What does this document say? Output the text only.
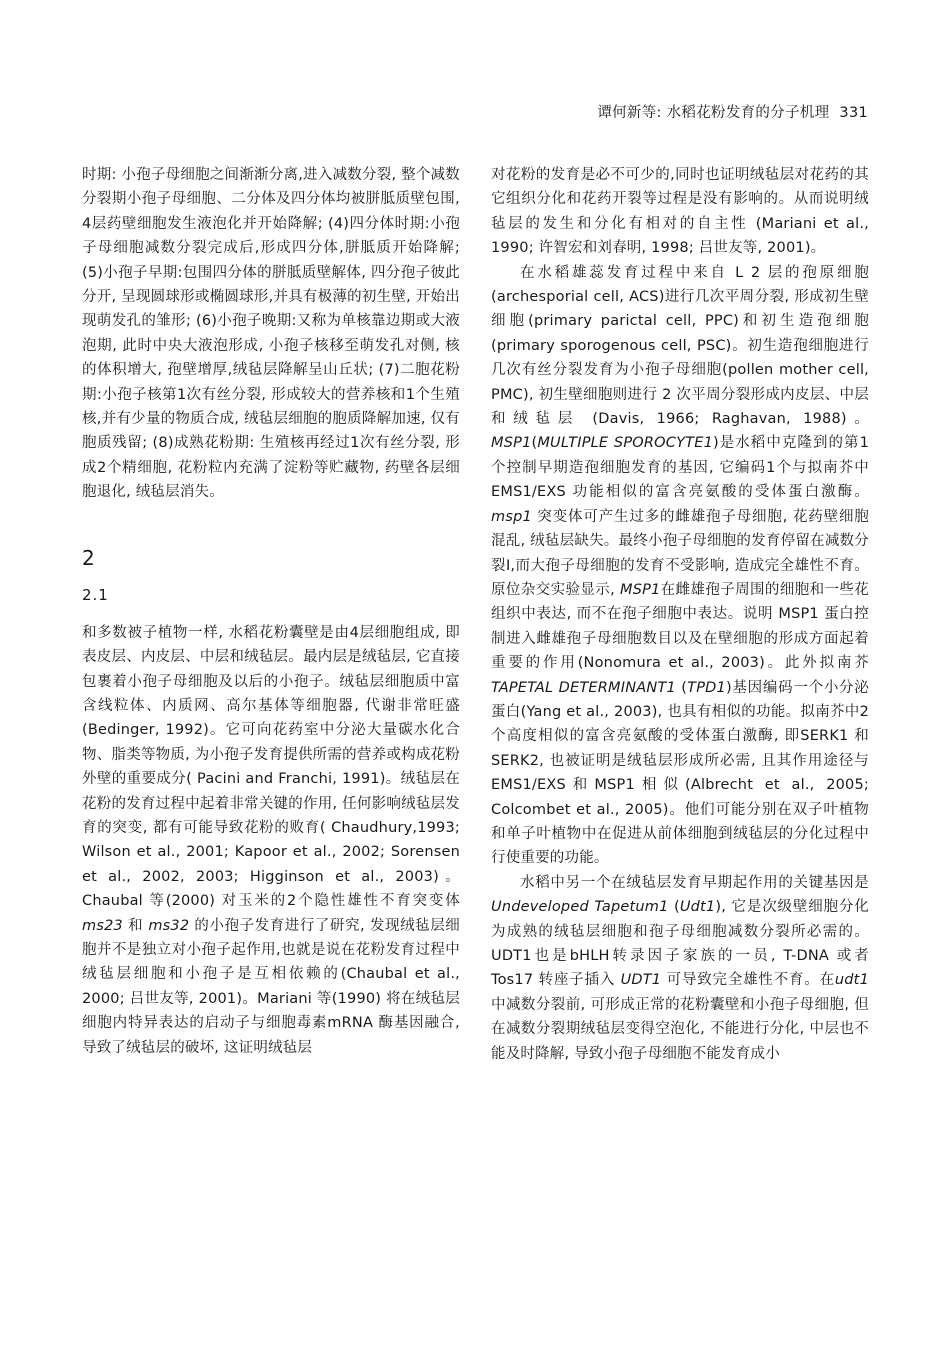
谭何新等: 水稻花粉发育的分子机理 331

时期: 小孢子母细胞之间渐渐分离,进入减数分裂, 整个减数分裂期小孢子母细胞、二分体及四分体均被胼胝质壁包围, 4层药壁细胞发生液泡化并开始降解; (4)四分体时期:小孢子母细胞减数分裂完成后,形成四分体,胼胝质开始降解; (5)小孢子早期:包围四分体的胼胝质壁解体, 四分孢子彼此分开, 呈现圆球形或椭圆球形,并具有极薄的初生壁, 开始出现萌发孔的雏形; (6)小孢子晚期:又称为单核靠边期或大液泡期, 此时中央大液泡形成, 小孢子核移至萌发孔对侧, 核的体积增大, 孢壁增厚,绒毡层降解呈山丘状; (7)二胞花粉期:小孢子核第1次有丝分裂, 形成较大的营养核和1个生殖核,并有少量的物质合成, 绒毡层细胞的胞质降解加速, 仅有胞质残留; (8)成熟花粉期: 生殖核再经过1次有丝分裂, 形成2个精细胞, 花粉粒内充满了淀粉等贮藏物, 药壁各层细胞退化, 绒毡层消失。

2
2.1

和多数被子植物一样, 水稻花粉囊壁是由4层细胞组成, 即表皮层、内皮层、中层和绒毡层。最内层是绒毡层, 它直接包裹着小孢子母细胞及以后的小孢子。绒毡层细胞质中富含线粒体、内质网、高尔基体等细胞器, 代谢非常旺盛(Bedinger, 1992)。它可向花药室中分泌大量碳水化合物、脂类等物质, 为小孢子发育提供所需的营养或构成花粉外壁的重要成分( Pacini and Franchi, 1991)。绒毡层在花粉的发育过程中起着非常关键的作用, 任何影响绒毡层发育的突变, 都有可能导致花粉的败育( Chaudhury,1993; Wilson et al., 2001; Kapoor et al., 2002; Sorensen et al., 2002, 2003; Higginson et al., 2003)。Chaubal 等(2000) 对玉米的2个隐性雄性不育突变体 ms23 和 ms32 的小孢子发育进行了研究, 发现绒毡层细胞并不是独立对小孢子起作用,也就是说在花粉发育过程中绒毡层细胞和小孢子是互相依赖的(Chaubal et al., 2000; 吕世友等, 2001)。Mariani 等(1990) 将在绒毡层细胞内特异表达的启动子与细胞毒素mRNA 酶基因融合,导致了绒毡层的破坏, 这证明绒毡层

对花粉的发育是必不可少的,同时也证明绒毡层对花药的其它组织分化和花药开裂等过程是没有影响的。从而说明绒毡层的发生和分化有相对的自主性 (Mariani et al., 1990; 许智宏和刘春明, 1998; 吕世友等, 2001)。

在水稻雄蕊发育过程中来自 L 2 层的孢原细胞(archesporial cell, ACS)进行几次平周分裂, 形成初生壁细胞(primary parictal cell, PPC)和初生造孢细胞(primary sporogenous cell, PSC)。初生造孢细胞进行几次有丝分裂发育为小孢子母细胞(pollen mother cell, PMC), 初生壁细胞则进行 2 次平周分裂形成内皮层、中层和绒毡层 (Davis, 1966; Raghavan, 1988)。MSP1(MULTIPLE SPOROCYTE1)是水稻中克隆到的第1个控制早期造孢细胞发育的基因, 它编码1个与拟南芥中 EMS1/EXS 功能相似的富含亮氨酸的受体蛋白激酶。msp1 突变体可产生过多的雌雄孢子母细胞, 花药壁细胞混乱, 绒毡层缺失。最终小孢子母细胞的发育停留在减数分裂I,而大孢子母细胞的发育不受影响, 造成完全雄性不育。原位杂交实验显示, MSP1在雌雄孢子周围的细胞和一些花组织中表达, 而不在孢子细胞中表达。说明 MSP1 蛋白控制进入雌雄孢子母细胞数目以及在壁细胞的形成方面起着重要的作用(Nonomura et al., 2003)。此外拟南芥 TAPETAL DETERMINANT1 (TPD1)基因编码一个小分泌蛋白(Yang et al., 2003), 也具有相似的功能。拟南芥中2个高度相似的富含亮氨酸的受体蛋白激酶, 即SERK1 和SERK2, 也被证明是绒毡层形成所必需, 且其作用途径与EMS1/EXS和MSP1相似(Albrecht et al., 2005; Colcombet et al., 2005)。他们可能分别在双子叶植物和单子叶植物中在促进从前体细胞到绒毡层的分化过程中行使重要的功能。

水稻中另一个在绒毡层发育早期起作用的关键基因是Undeveloped Tapetum1 (Udt1), 它是次级壁细胞分化为成熟的绒毡层细胞和孢子母细胞减数分裂所必需的。UDT1也是bHLH转录因子家族的一员, T-DNA 或者 Tos17 转座子插入 UDT1 可导致完全雄性不育。在udt1中减数分裂前, 可形成正常的花粉囊壁和小孢子母细胞, 但在减数分裂期绒毡层变得空泡化, 不能进行分化, 中层也不能及时降解, 导致小孢子母细胞不能发育成小
